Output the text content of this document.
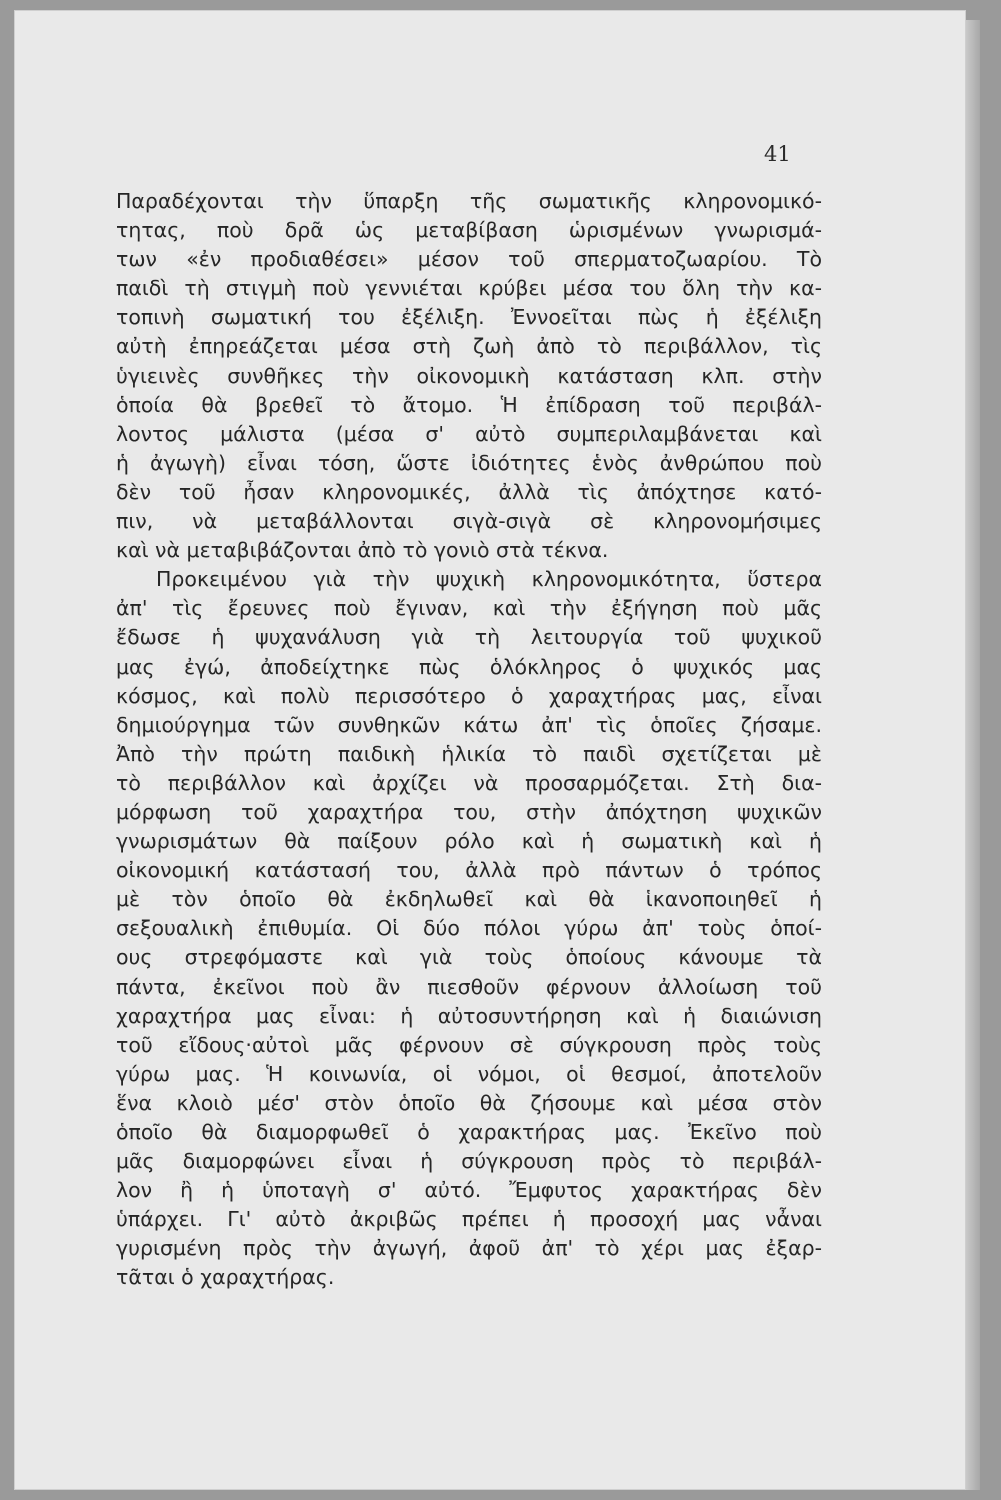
41

Παραδέχονται τὴν ὕπαρξη τῆς σωματικῆς κληρονομικό-
τητας, ποὺ δρᾶ ὡς μεταβίβαση ὡρισμένων γνωρισμά-
των «ἐν προδιαθέσει» μέσον τοῦ σπερματοζωαρίου. Τὸ
παιδὶ τὴ στιγμὴ ποὺ γεννιέται κρύβει μέσα του ὅλη τὴν κα-
τοπινὴ σωματική του ἐξέλιξη. Ἐννοεῖται πὼς ἡ ἐξέλιξη
αὐτὴ ἐπηρεάζεται μέσα στὴ ζωὴ ἀπὸ τὸ περιβάλλον, τὶς
ὑγιεινὲς συνθῆκες τὴν οἰκονομικὴ κατάσταση κλπ. στὴν
ὁποία θὰ βρεθεῖ τὸ ἄτομο. Ἡ ἐπίδραση τοῦ περιβάλ-
λοντος μάλιστα (μέσα σ' αὐτὸ συμπεριλαμβάνεται καὶ
ἡ ἀγωγὴ) εἶναι τόση, ὥστε ἰδιότητες ἑνὸς ἀνθρώπου ποὺ
δὲν τοῦ ἦσαν κληρονομικές, ἀλλὰ τὶς ἀπόχτησε κατό-
πιν, νὰ μεταβάλλονται σιγὰ-σιγὰ σὲ κληρονομήσιμες
καὶ νὰ μεταβιβάζονται ἀπὸ τὸ γονιὸ στὰ τέκνα.
Προκειμένου γιὰ τὴν ψυχικὴ κληρονομικότητα, ὕστερα
ἀπ' τὶς ἔρευνες ποὺ ἔγιναν, καὶ τὴν ἐξήγηση ποὺ μᾶς
ἔδωσε ἡ ψυχανάλυση γιὰ τὴ λειτουργία τοῦ ψυχικοῦ
μας ἐγώ, ἀποδείχτηκε πὼς ὁλόκληρος ὁ ψυχικός μας
κόσμος, καὶ πολὺ περισσότερο ὁ χαραχτήρας μας, εἶναι
δημιούργημα τῶν συνθηκῶν κάτω ἀπ' τὶς ὁποῖες ζήσαμε.
Ἀπὸ τὴν πρώτη παιδικὴ ἡλικία τὸ παιδὶ σχετίζεται μὲ
τὸ περιβάλλον καὶ ἀρχίζει νὰ προσαρμόζεται. Στὴ δια-
μόρφωση τοῦ χαραχτήρα του, στὴν ἀπόχτηση ψυχικῶν
γνωρισμάτων θὰ παίξουν ρόλο καὶ ἡ σωματικὴ καὶ ἡ
οἰκονομική κατάστασή του, ἀλλὰ πρὸ πάντων ὁ τρόπος
μὲ τὸν ὁποῖο θὰ ἐκδηλωθεῖ καὶ θὰ ἱκανοποιηθεῖ ἡ
σεξουαλικὴ ἐπιθυμία. Οἱ δύο πόλοι γύρω ἀπ' τοὺς ὁποί-
ους στρεφόμαστε καὶ γιὰ τοὺς ὁποίους κάνουμε τὰ
πάντα, ἐκεῖνοι ποὺ ἂν πιεσθοῦν φέρνουν ἀλλοίωση τοῦ
χαραχτήρα μας εἶναι: ἡ αὐτοσυντήρηση καὶ ἡ διαιώνιση
τοῦ εἴδους·αὐτοὶ μᾶς φέρνουν σὲ σύγκρουση πρὸς τοὺς
γύρω μας. Ἡ κοινωνία, οἱ νόμοι, οἱ θεσμοί, ἀποτελοῦν
ἕνα κλοιὸ μέσ' στὸν ὁποῖο θὰ ζήσουμε καὶ μέσα στὸν
ὁποῖο θὰ διαμορφωθεῖ ὁ χαρακτήρας μας. Ἐκεῖνο ποὺ
μᾶς διαμορφώνει εἶναι ἡ σύγκρουση πρὸς τὸ περιβάλ-
λον ἢ ἡ ὑποταγὴ σ' αὐτό. Ἔμφυτος χαρακτήρας δὲν
ὑπάρχει. Γι' αὐτὸ ἀκριβῶς πρέπει ἡ προσοχή μας νἆναι
γυρισμένη πρὸς τὴν ἀγωγή, ἀφοῦ ἀπ' τὸ χέρι μας ἐξαρ-
τᾶται ὁ χαραχτήρας.
